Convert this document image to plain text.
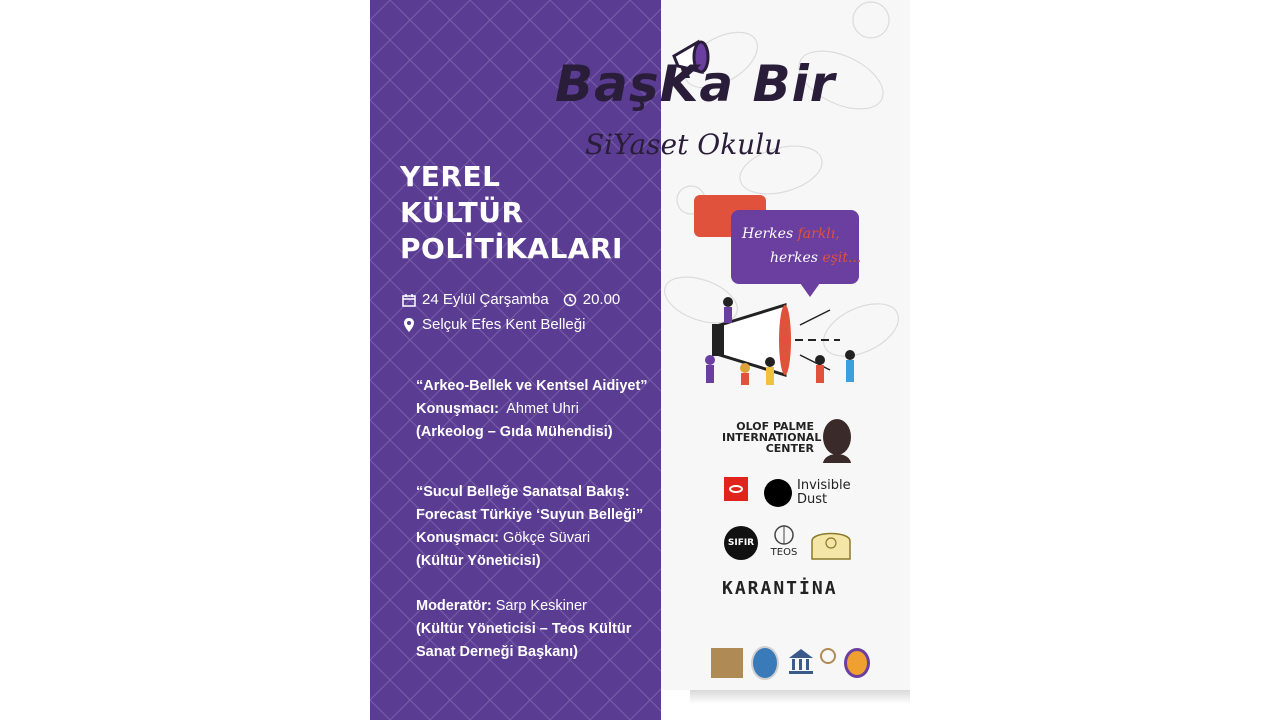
BaşKa Bir
SiYaset Okulu
YEREL
KÜLTÜR
POLİTİKALARI
24 Eylül Çarşamba 20.00
Selçuk Efes Kent Belleği
“Arkeo-Bellek ve Kentsel Aidiyet”
Konuşmacı: Ahmet Uhri
(Arkeolog – Gıda Mühendisi)
“Sucul Belleğe Sanatsal Bakış:
Forecast Türkiye ‘Suyun Belleği”
Konuşmacı: Gökçe Süvari
(Kültür Yöneticisi)
Moderatör: Sarp Keskiner
(Kültür Yöneticisi – Teos Kültür
Sanat Derneği Başkanı)
Herkes farklı,
herkes eşit...
OLOF PALME
INTERNATIONAL
CENTER
Invisible
Dust
SIFIR
TEOS
KARANTİNA
